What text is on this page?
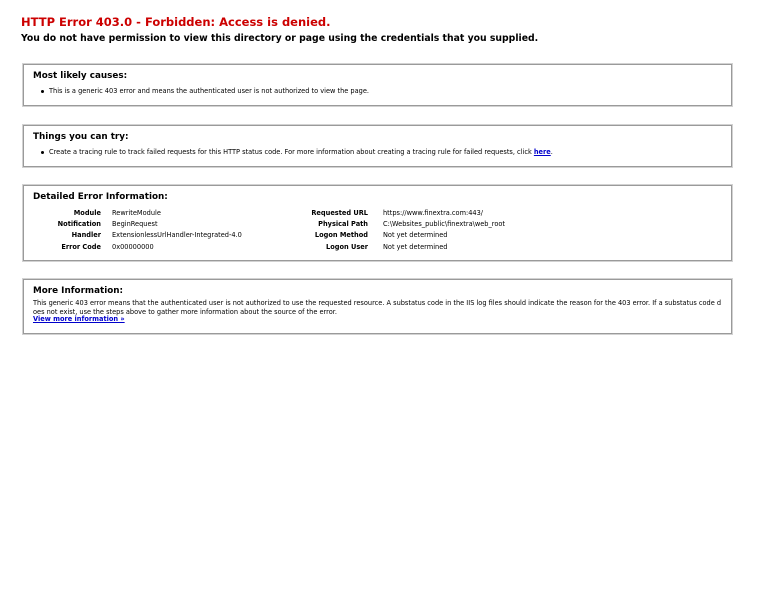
HTTP Error 403.0 - Forbidden: Access is denied.
You do not have permission to view this directory or page using the credentials that you supplied.
Most likely causes:
This is a generic 403 error and means the authenticated user is not authorized to view the page.
Things you can try:
Create a tracing rule to track failed requests for this HTTP status code. For more information about creating a tracing rule for failed requests, click here.
Detailed Error Information:
Module RewriteModule
Notification BeginRequest
Handler ExtensionlessUrlHandler-Integrated-4.0
Error Code 0x00000000
Requested URL https://www.finextra.com:443/
Physical Path C:\Websites_public\finextra\web_root
Logon Method Not yet determined
Logon User Not yet determined
More Information:
This generic 403 error means that the authenticated user is not authorized to use the requested resource. A substatus code in the IIS log files should indicate the reason for the 403 error. If a substatus code does not exist, use the steps above to gather more information about the source of the error.
View more information »
